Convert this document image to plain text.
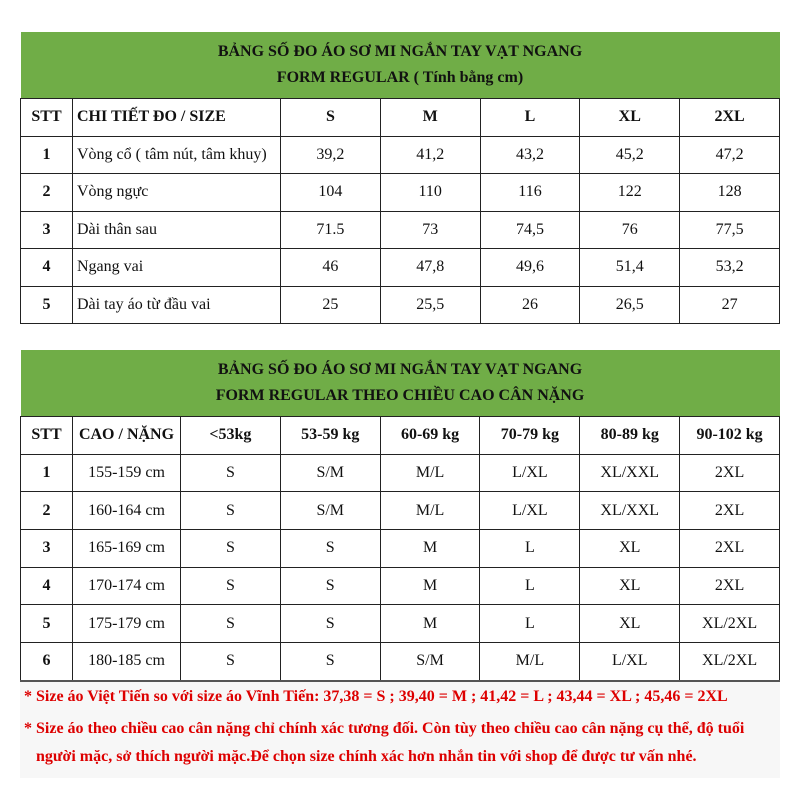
BẢNG SỐ ĐO ÁO SƠ MI NGẮN TAY VẠT NGANG
FORM REGULAR ( Tính bằng cm)						

STT	CHI TIẾT ĐO / SIZE	S	M	L	XL	2XL
1	Vòng cổ ( tâm nút, tâm khuy)	39,2	41,2	43,2	45,2	47,2
2	Vòng ngực	104	110	116	122	128
3	Dài thân sau	71.5	73	74,5	76	77,5
4	Ngang vai	46	47,8	49,6	51,4	53,2
5	Dài tay áo từ đầu vai	25	25,5	26	26,5	27
BẢNG SỐ ĐO ÁO SƠ MI NGẮN TAY VẠT NGANG
FORM REGULAR THEO CHIỀU CAO CÂN NẶNG							

STT	CAO / NẶNG	<53kg	53-59 kg	60-69 kg	70-79 kg	80-89 kg	90-102 kg
1	155-159 cm	S	S/M	M/L	L/XL	XL/XXL	2XL
2	160-164 cm	S	S/M	M/L	L/XL	XL/XXL	2XL
3	165-169 cm	S	S	M	L	XL	2XL
4	170-174 cm	S	S	M	L	XL	2XL
5	175-179 cm	S	S	M	L	XL	XL/2XL
6	180-185 cm	S	S	S/M	M/L	L/XL	XL/2XL
* Size áo Việt Tiến so với size áo Vĩnh Tiến: 37,38 = S ; 39,40 = M ; 41,42 = L ; 43,44 = XL ; 45,46 = 2XL
* Size áo theo chiều cao cân nặng chỉ chính xác tương đối. Còn tùy theo chiều cao cân nặng cụ thể, độ tuổi
người mặc, sở thích người mặc.Để chọn size chính xác hơn nhắn tin với shop để được tư vấn nhé.
